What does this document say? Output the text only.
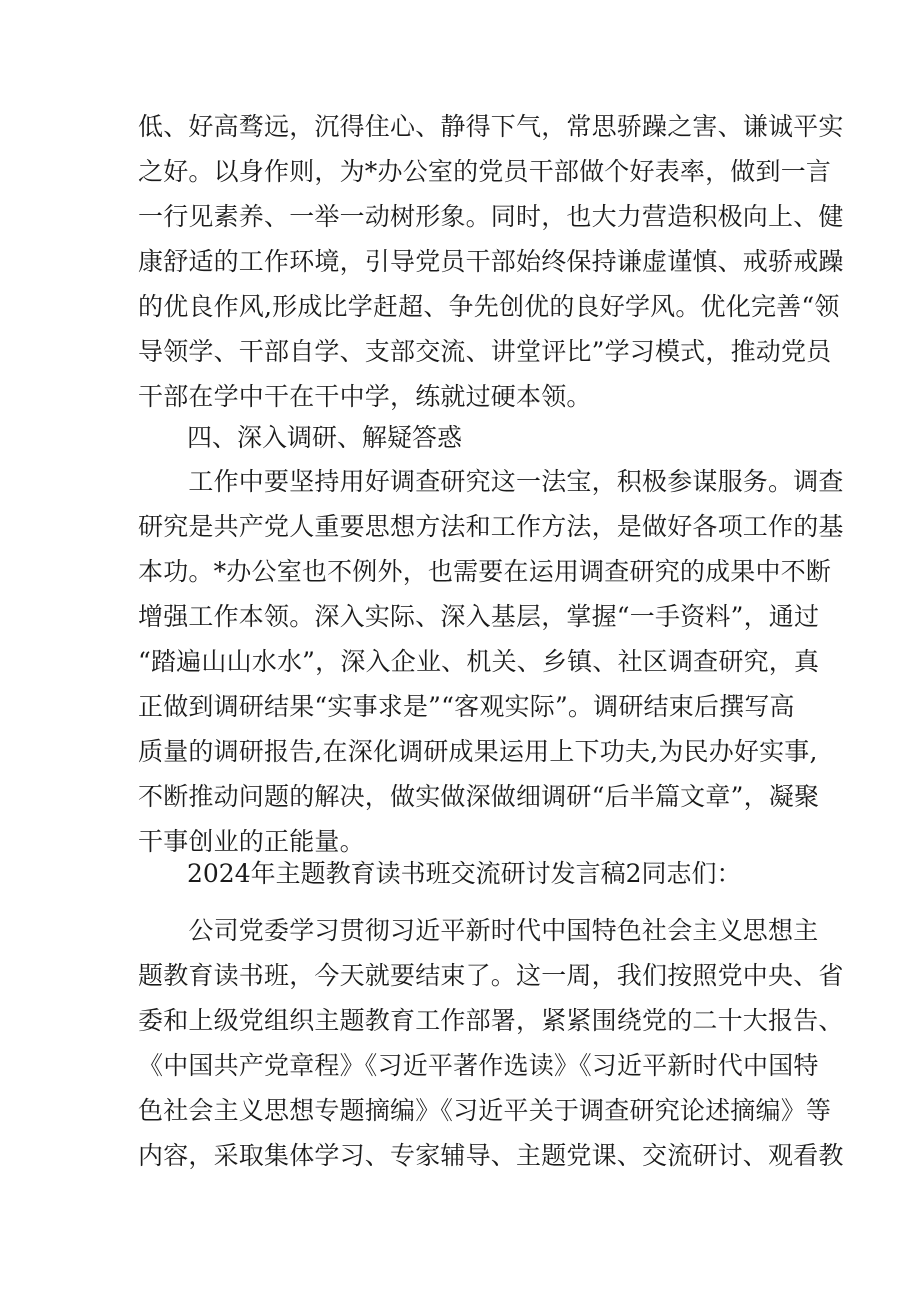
低、好高骛远，沉得住心、静得下气，常思骄躁之害、谦诚平实
之好。以身作则，为*办公室的党员干部做个好表率，做到一言
一行见素养、一举一动树形象。同时，也大力营造积极向上、健
康舒适的工作环境，引导党员干部始终保持谦虚谨慎、戒骄戒躁
的优良作风,形成比学赶超、争先创优的良好学风。优化完善“领
导领学、干部自学、支部交流、讲堂评比”学习模式，推动党员
干部在学中干在干中学，练就过硬本领。
四、深入调研、解疑答惑
　　工作中要坚持用好调查研究这一法宝，积极参谋服务。调查
研究是共产党人重要思想方法和工作方法，是做好各项工作的基
本功。*办公室也不例外，也需要在运用调查研究的成果中不断
增强工作本领。深入实际、深入基层，掌握“一手资料”，通过
“踏遍山山水水”，深入企业、机关、乡镇、社区调查研究，真
正做到调研结果“实事求是”“客观实际”。调研结束后撰写高
质量的调研报告,在深化调研成果运用上下功夫,为民办好实事,
不断推动问题的解决，做实做深做细调研“后半篇文章”，凝聚
干事创业的正能量。
2024年主题教育读书班交流研讨发言稿2同志们：
　　公司党委学习贯彻习近平新时代中国特色社会主义思想主
题教育读书班，今天就要结束了。这一周，我们按照党中央、省
委和上级党组织主题教育工作部署，紧紧围绕党的二十大报告、
《中国共产党章程》《习近平著作选读》《习近平新时代中国特
色社会主义思想专题摘编》《习近平关于调查研究论述摘编》等
内容，采取集体学习、专家辅导、主题党课、交流研讨、观看教
